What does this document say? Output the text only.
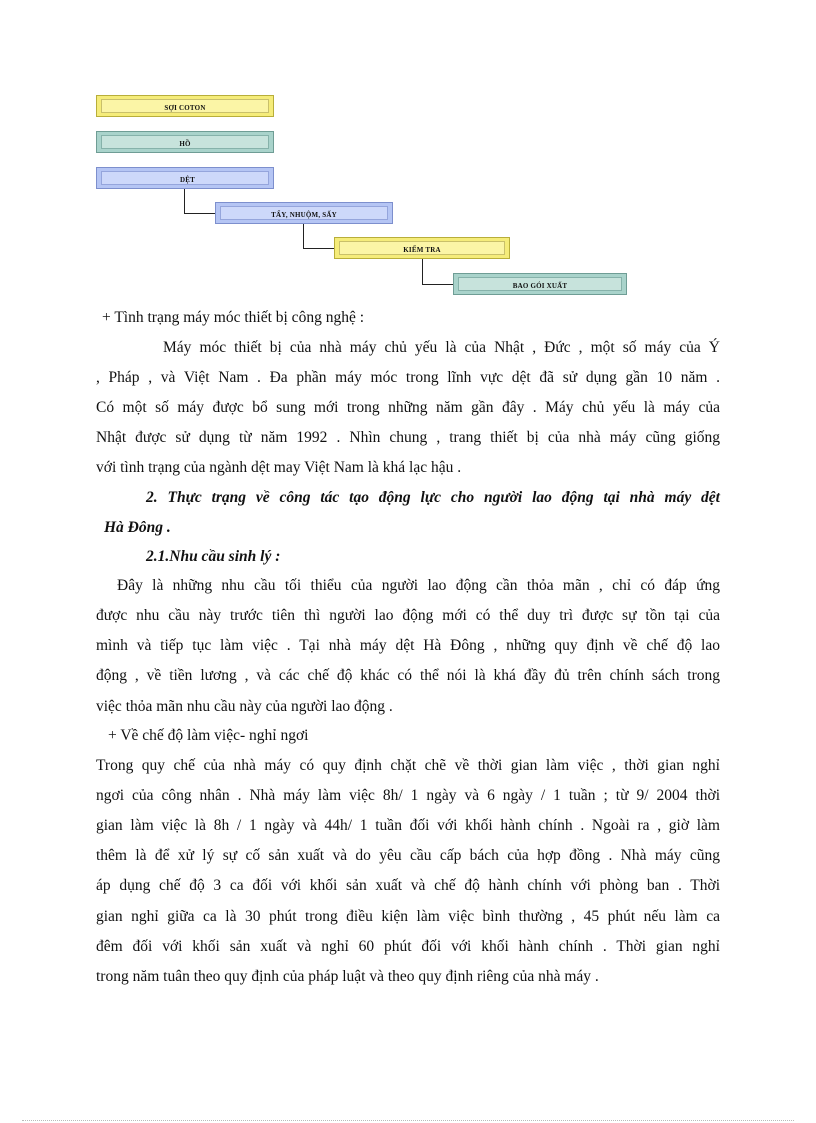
SỢI COTON
HỒ
DỆT
TẨY, NHUỘM, SẤY
KIỂM TRA
BAO GÓI XUẤT

+ Tình trạng máy móc thiết bị công nghệ :

Máy móc thiết bị của nhà máy chủ yếu là của Nhật , Đức , một số máy của Ý

, Pháp , và Việt Nam . Đa phần máy móc trong lĩnh vực dệt đã sử dụng gần 10 năm .

Có một số máy được bổ sung mới trong những năm gần đây . Máy chủ yếu là máy của

Nhật được sử dụng từ năm 1992 . Nhìn chung , trang thiết bị của nhà máy cũng giống

với tình trạng của ngành dệt may Việt Nam là khá lạc hậu .

2. Thực trạng về công tác tạo động lực cho người lao động tại nhà máy dệt

Hà Đông .

2.1.Nhu cầu sinh lý :

Đây là những nhu cầu tối thiểu của người lao động cần thỏa mãn , chỉ có đáp ứng

được nhu cầu này trước tiên thì người lao động mới có thể duy trì được sự tồn tại của

mình và tiếp tục làm việc . Tại nhà máy dệt Hà Đông , những quy định về chế độ lao

động , về tiền lương , và các chế độ khác có thể nói là khá đầy đủ trên chính sách trong

việc thỏa mãn nhu cầu này của người lao động .

+ Về chế độ làm việc- nghỉ ngơi

Trong quy chế của nhà máy có quy định chặt chẽ về thời gian làm việc , thời gian nghỉ

ngơi của công nhân . Nhà máy làm việc 8h/ 1 ngày và 6 ngày / 1 tuần ; từ 9/ 2004 thời

gian làm việc là 8h / 1 ngày và 44h/ 1 tuần đối với khối hành chính . Ngoài ra , giờ làm

thêm là để xử lý sự cố sản xuất và do yêu cầu cấp bách của hợp đồng . Nhà máy cũng

áp dụng chế độ 3 ca đối với khối sản xuất và chế độ hành chính với phòng ban . Thời

gian nghỉ giữa ca là 30 phút trong điều kiện làm việc bình thường , 45 phút nếu làm ca

đêm đối với khối sản xuất và nghỉ 60 phút đối với khối hành chính . Thời gian nghỉ

trong năm tuân theo quy định của pháp luật và theo quy định riêng của nhà máy .
